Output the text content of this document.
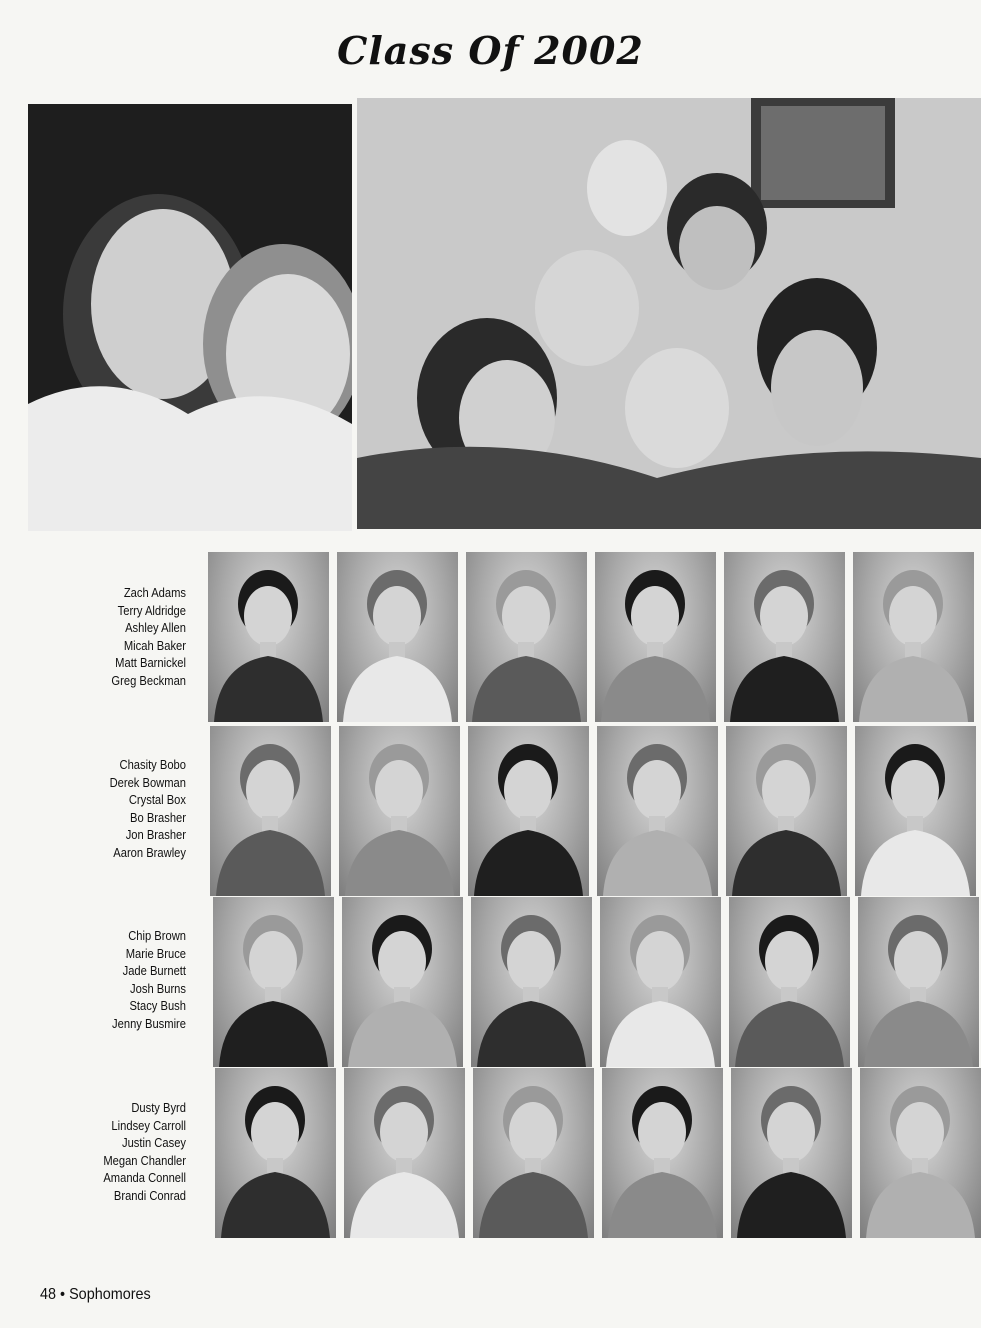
Class Of 2002
Zach Adams
Terry Aldridge
Ashley Allen
Micah Baker
Matt Barnickel
Greg Beckman
Chasity Bobo
Derek Bowman
Crystal Box
Bo Brasher
Jon Brasher
Aaron Brawley
Chip Brown
Marie Bruce
Jade Burnett
Josh Burns
Stacy Bush
Jenny Busmire
Dusty Byrd
Lindsey Carroll
Justin Casey
Megan Chandler
Amanda Connell
Brandi Conrad
48 • Sophomores
